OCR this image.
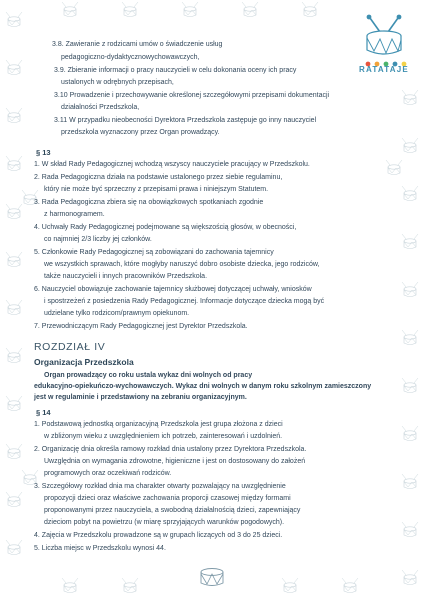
RATATAJE
3.8. Zawieranie z rodzicami umów o świadczenie usług
pedagogiczno-dydaktycznowychowawczych,
3.9. Zbieranie informacji o pracy nauczycieli w celu dokonania oceny ich pracy
ustalonych w odrębnych przepisach,
3.10 Prowadzenie i przechowywanie określonej szczegółowymi przepisami dokumentacji
działalności Przedszkola,
3.11 W przypadku nieobecności Dyrektora Przedszkola zastępuje go inny nauczyciel
przedszkola wyznaczony przez Organ prowadzący.
§ 13
1. W skład Rady Pedagogicznej wchodzą wszyscy nauczyciele pracujący w Przedszkolu.
2. Rada Pedagogiczna działa na podstawie ustalonego przez siebie regulaminu,
który nie może być sprzeczny z przepisami prawa i niniejszym Statutem.
3. Rada Pedagogiczna zbiera się na obowiązkowych spotkaniach zgodnie
z harmonogramem.
4. Uchwały Rady Pedagogicznej podejmowane są większością głosów, w obecności,
co najmniej 2/3 liczby jej członków.
5. Członkowie Rady Pedagogicznej są zobowiązani do zachowania tajemnicy
we wszystkich sprawach, które mogłyby naruszyć dobro osobiste dziecka, jego rodziców,
także nauczycieli i innych pracowników Przedszkola.
6. Nauczyciel obowiązuje zachowanie tajemnicy służbowej dotyczącej uchwały, wniosków
i spostrzeżeń z posiedzenia Rady Pedagogicznej. Informacje dotyczące dziecka mogą być
udzielane tylko rodzicom/prawnym opiekunom.
7. Przewodniczącym Rady Pedagogicznej jest Dyrektor Przedszkola.
ROZDZIAŁ IV
Organizacja Przedszkola
Organ prowadzący co roku ustala wykaz dni wolnych od pracy
edukacyjno-opiekuńczo-wychowawczych. Wykaz dni wolnych w danym roku szkolnym zamieszczony
jest w regulaminie i przedstawiony na zebraniu organizacyjnym.
§ 14
1. Podstawową jednostką organizacyjną Przedszkola jest grupa złożona z dzieci
w zbliżonym wieku z uwzględnieniem ich potrzeb, zainteresowań i uzdolnień.
2. Organizację dnia określa ramowy rozkład dnia ustalony przez Dyrektora Przedszkola.
Uwzględnia on wymagania zdrowotne, higieniczne i jest on dostosowany do założeń
programowych oraz oczekiwań rodziców.
3. Szczegółowy rozkład dnia ma charakter otwarty pozwalający na uwzględnienie
propozycji dzieci oraz właściwe zachowania proporcji czasowej między formami
proponowanymi przez nauczyciela, a swobodną działalnością dzieci, zapewniający
dzieciom pobyt na powietrzu (w miarę sprzyjających warunków pogodowych).
4. Zajęcia w Przedszkolu prowadzone są w grupach liczących od 3 do 25 dzieci.
5. Liczba miejsc w Przedszkolu wynosi 44.
